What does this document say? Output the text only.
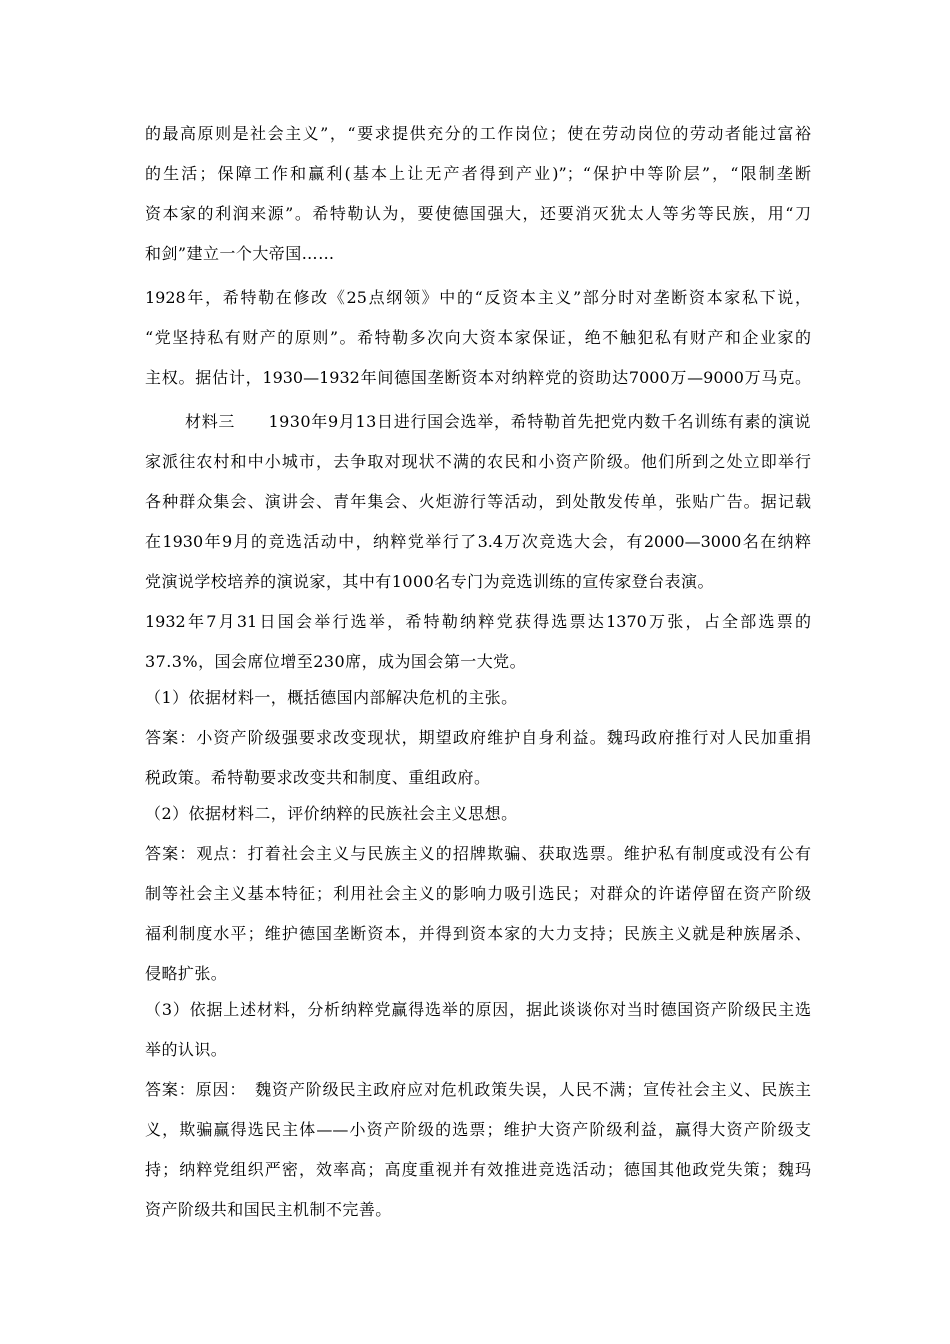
的最高原则是社会主义”，“要求提供充分的工作岗位；使在劳动岗位的劳动者能过富裕
的生活；保障工作和赢利(基本上让无产者得到产业)”；“保护中等阶层”，“限制垄断
资本家的利润来源”。希特勒认为，要使德国强大，还要消灭犹太人等劣等民族，用“刀
和剑”建立一个大帝国……
1928年，希特勒在修改《25点纲领》中的“反资本主义”部分时对垄断资本家私下说，
“党坚持私有财产的原则”。希特勒多次向大资本家保证，绝不触犯私有财产和企业家的
主权。据估计，1930—1932年间德国垄断资本对纳粹党的资助达7000万—9000万马克。
材料三　　1930年9月13日进行国会选举，希特勒首先把党内数千名训练有素的演说
家派往农村和中小城市，去争取对现状不满的农民和小资产阶级。他们所到之处立即举行
各种群众集会、演讲会、青年集会、火炬游行等活动，到处散发传单，张贴广告。据记载
在1930年9月的竞选活动中，纳粹党举行了3.4万次竞选大会，有2000—3000名在纳粹
党演说学校培养的演说家，其中有1000名专门为竞选训练的宣传家登台表演。
1932年7月31日国会举行选举，希特勒纳粹党获得选票达1370万张，占全部选票的
37.3%，国会席位增至230席，成为国会第一大党。
（1）依据材料一，概括德国内部解决危机的主张。
答案：小资产阶级强要求改变现状，期望政府维护自身利益。魏玛政府推行对人民加重捐
税政策。希特勒要求改变共和制度、重组政府。
（2）依据材料二，评价纳粹的民族社会主义思想。
答案：观点：打着社会主义与民族主义的招牌欺骗、获取选票。维护私有制度或没有公有
制等社会主义基本特征；利用社会主义的影响力吸引选民；对群众的许诺停留在资产阶级
福利制度水平；维护德国垄断资本，并得到资本家的大力支持；民族主义就是种族屠杀、
侵略扩张。
（3）依据上述材料，分析纳粹党赢得选举的原因，据此谈谈你对当时德国资产阶级民主选
举的认识。
答案：原因：　魏资产阶级民主政府应对危机政策失误，人民不满；宣传社会主义、民族主
义，欺骗赢得选民主体——小资产阶级的选票；维护大资产阶级利益，赢得大资产阶级支
持；纳粹党组织严密，效率高；高度重视并有效推进竞选活动；德国其他政党失策；魏玛
资产阶级共和国民主机制不完善。
